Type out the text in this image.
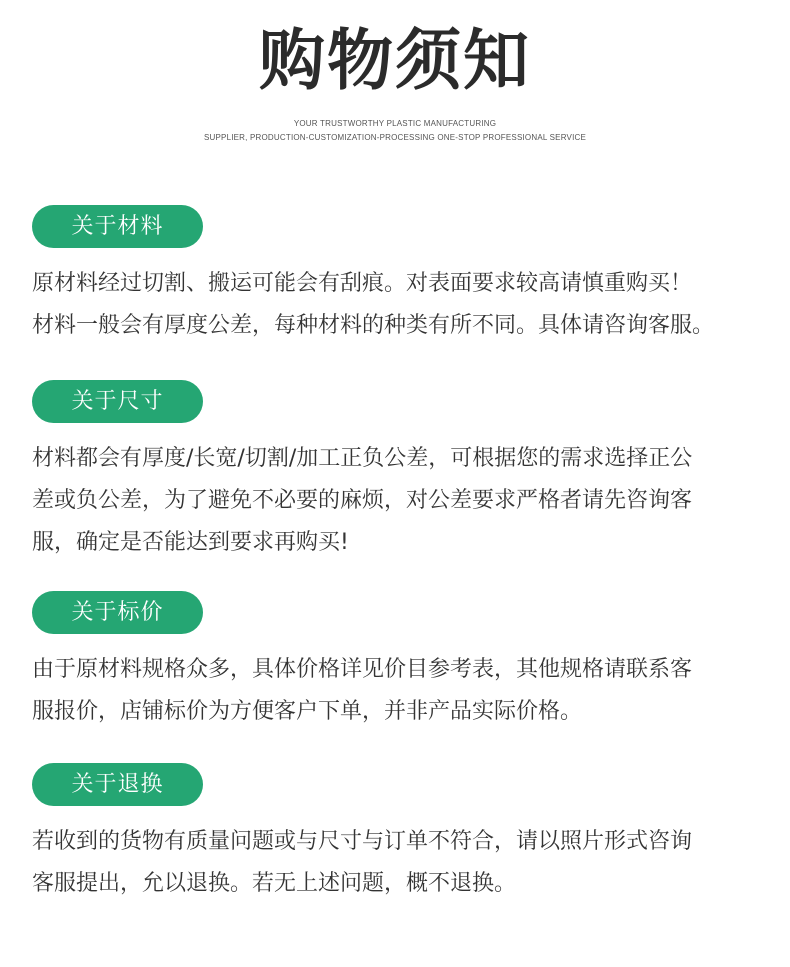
购物须知
YOUR TRUSTWORTHY PLASTIC MANUFACTURING
SUPPLIER, PRODUCTION-CUSTOMIZATION-PROCESSING ONE-STOP PROFESSIONAL SERVICE
关于材料
原材料经过切割、搬运可能会有刮痕。对表面要求较高请慎重购买！
材料一般会有厚度公差，每种材料的种类有所不同。具体请咨询客服。
关于尺寸
材料都会有厚度/长宽/切割/加工正负公差，可根据您的需求选择正公
差或负公差，为了避免不必要的麻烦，对公差要求严格者请先咨询客
服，确定是否能达到要求再购买!
关于标价
由于原材料规格众多，具体价格详见价目参考表，其他规格请联系客
服报价，店铺标价为方便客户下单，并非产品实际价格。
关于退换
若收到的货物有质量问题或与尺寸与订单不符合，请以照片形式咨询
客服提出，允以退换。若无上述问题，概不退换。
